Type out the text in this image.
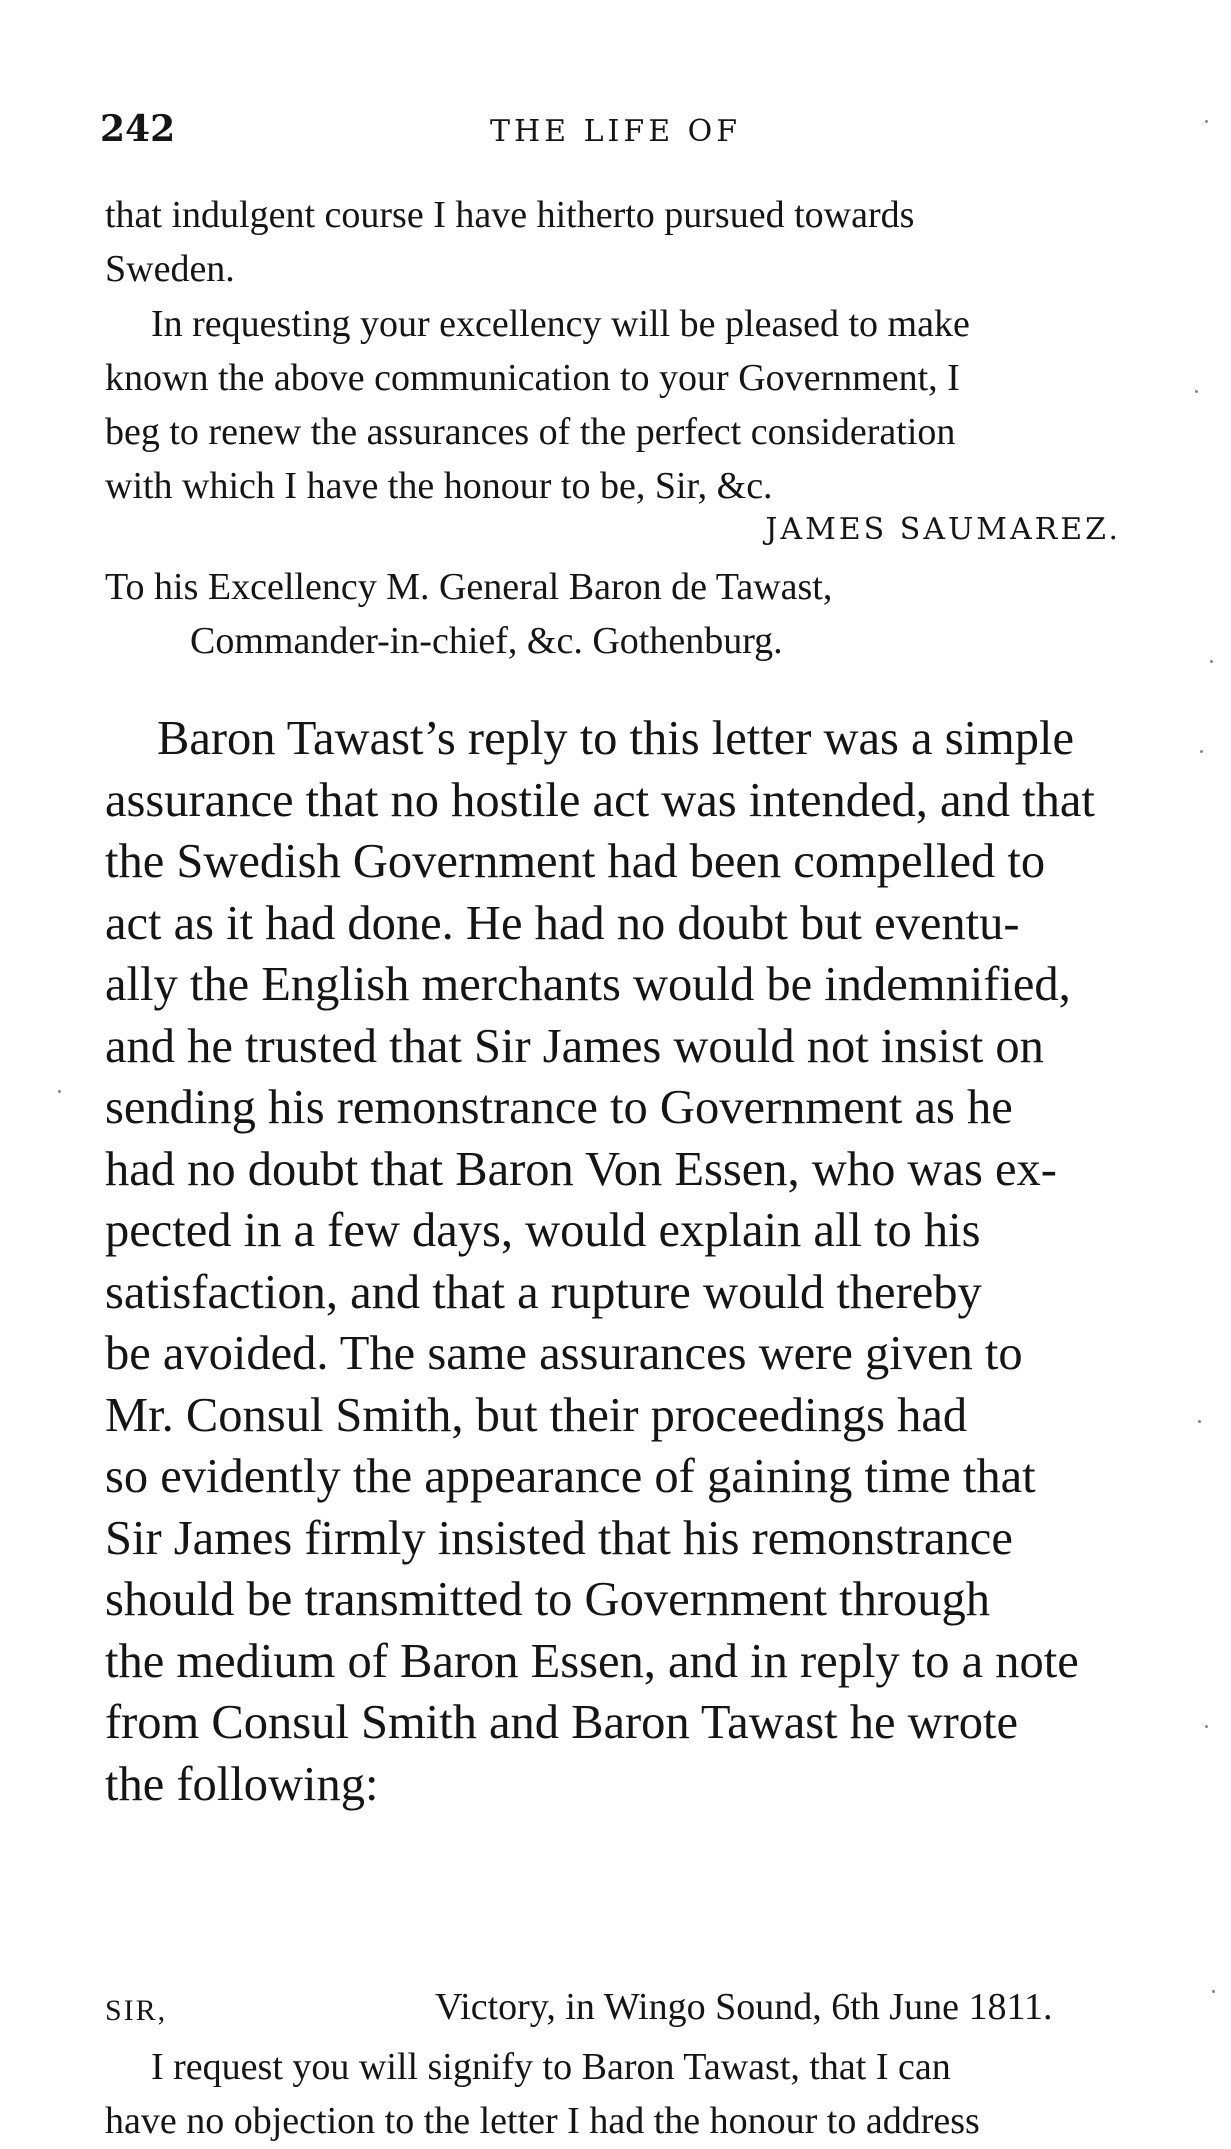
242	THE LIFE OF

that indulgent course I have hitherto pursued towards
Sweden.

In requesting your excellency will be pleased to make
known the above communication to your Government, I
beg to renew the assurances of the perfect consideration
with which I have the honour to be, Sir, &c.

JAMES SAUMAREZ.
To his Excellency M. General Baron de Tawast,
Commander-in-chief, &c. Gothenburg.

Baron Tawast’s reply to this letter was a simple
assurance that no hostile act was intended, and that
the Swedish Government had been compelled to
act as it had done. He had no doubt but eventu-
ally the English merchants would be indemnified,
and he trusted that Sir James would not insist on
sending his remonstrance to Government as he
had no doubt that Baron Von Essen, who was ex-
pected in a few days, would explain all to his
satisfaction, and that a rupture would thereby
be avoided. The same assurances were given to
Mr. Consul Smith, but their proceedings had
so evidently the appearance of gaining time that
Sir James firmly insisted that his remonstrance
should be transmitted to Government through
the medium of Baron Essen, and in reply to a note
from Consul Smith and Baron Tawast he wrote
the following:

SIR,	Victory, in Wingo Sound, 6th June 1811.

I request you will signify to Baron Tawast, that I can
have no objection to the letter I had the honour to address
